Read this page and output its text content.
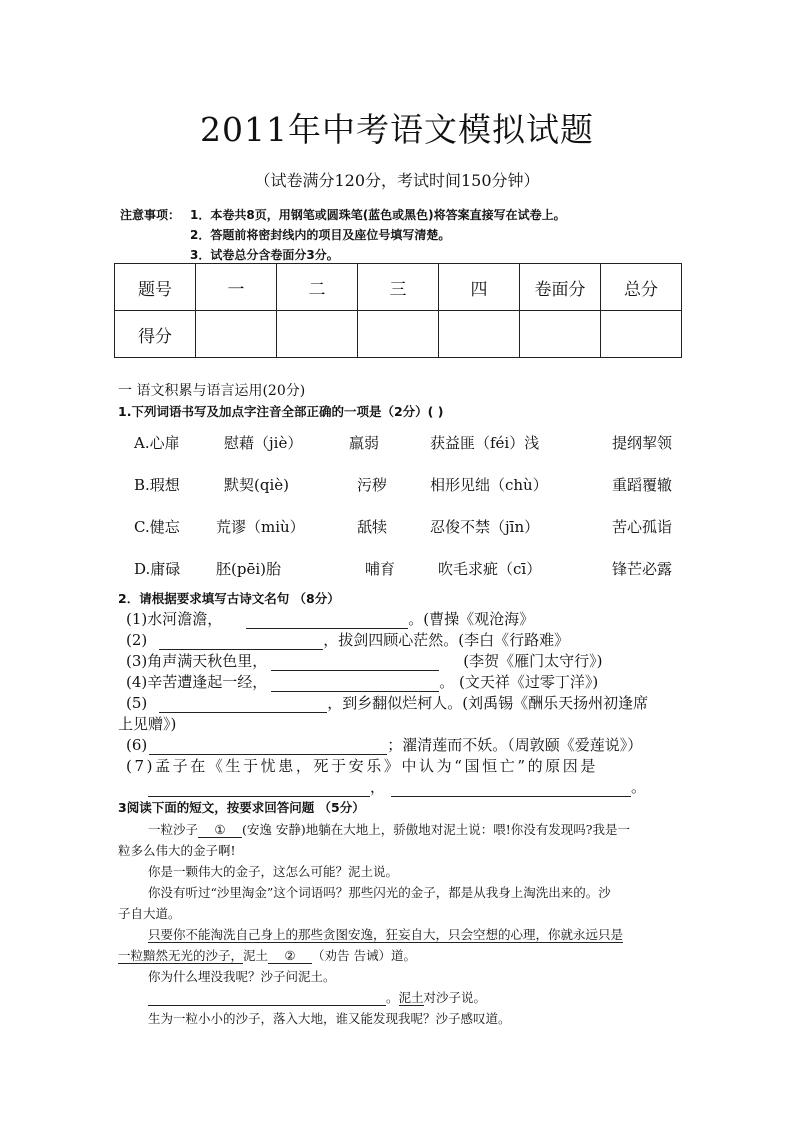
2011年中考语文模拟试题
（试卷满分120分，考试时间150分钟）
注意事项： 1．本卷共8页，用钢笔或圆珠笔(蓝色或黑色)将答案直接写在试卷上。
2．答题前将密封线内的项目及座位号填写清楚。
3．试卷总分含卷面分3分。
题号	一	二	三	四	卷面分	总分
得分						
一 语文积累与语言运用(20分)
1.下列词语书写及加点字注音全部正确的一项是（2分）( )
A.心扉	慰藉（jiè）	羸弱	获益匪（féi）浅	提纲挈领
B.瑕想	默契(qiè)	污秽	相形见绌（chù）	重蹈覆辙
C.健忘 荒谬（miù）	舐犊	忍俊不禁（jīn）	苦心孤诣
D.庸碌 胚(pēi)胎	哺育	吹毛求疵（cī）	锋芒必露
2．请根据要求填写古诗文名句 （8分）
(1)水河澹澹，	。(曹操《观沧海》
(2)	，拔剑四顾心茫然。(李白《行路难》
(3)角声满天秋色里，	(李贺《雁门太守行》)
(4)辛苦遭逢起一经，	。 (文天祥《过零丁洋》)
(5)	，到乡翻似烂柯人。(刘禹锡《酬乐天扬州初逢席
上见赠》)
(6)	；濯清莲而不妖。（周敦颐《爱莲说》）
(7)孟子在《生于忧患，死于安乐》中认为“国恒亡”的原因是
，	。
3阅读下面的短文，按要求回答问题 （5分）
一粒沙子 ① (安逸 安静)地躺在大地上，骄傲地对泥土说：喂!你没有发现吗?我是一
粒多么伟大的金子啊!
你是一颗伟大的金子，这怎么可能？泥土说。
你没有听过“沙里淘金”这个词语吗？那些闪光的金子，都是从我身上淘洗出来的。沙
子自大道。
只要你不能淘洗自己身上的那些贪图安逸，狂妄自大，只会空想的心理，你就永远只是
一粒黯然无光的沙子，泥土 ② （劝告 告诫）道。
你为什么埋没我呢？沙子问泥土。
。泥土对沙子说。
生为一粒小小的沙子，落入大地，谁又能发现我呢？沙子感叹道。
